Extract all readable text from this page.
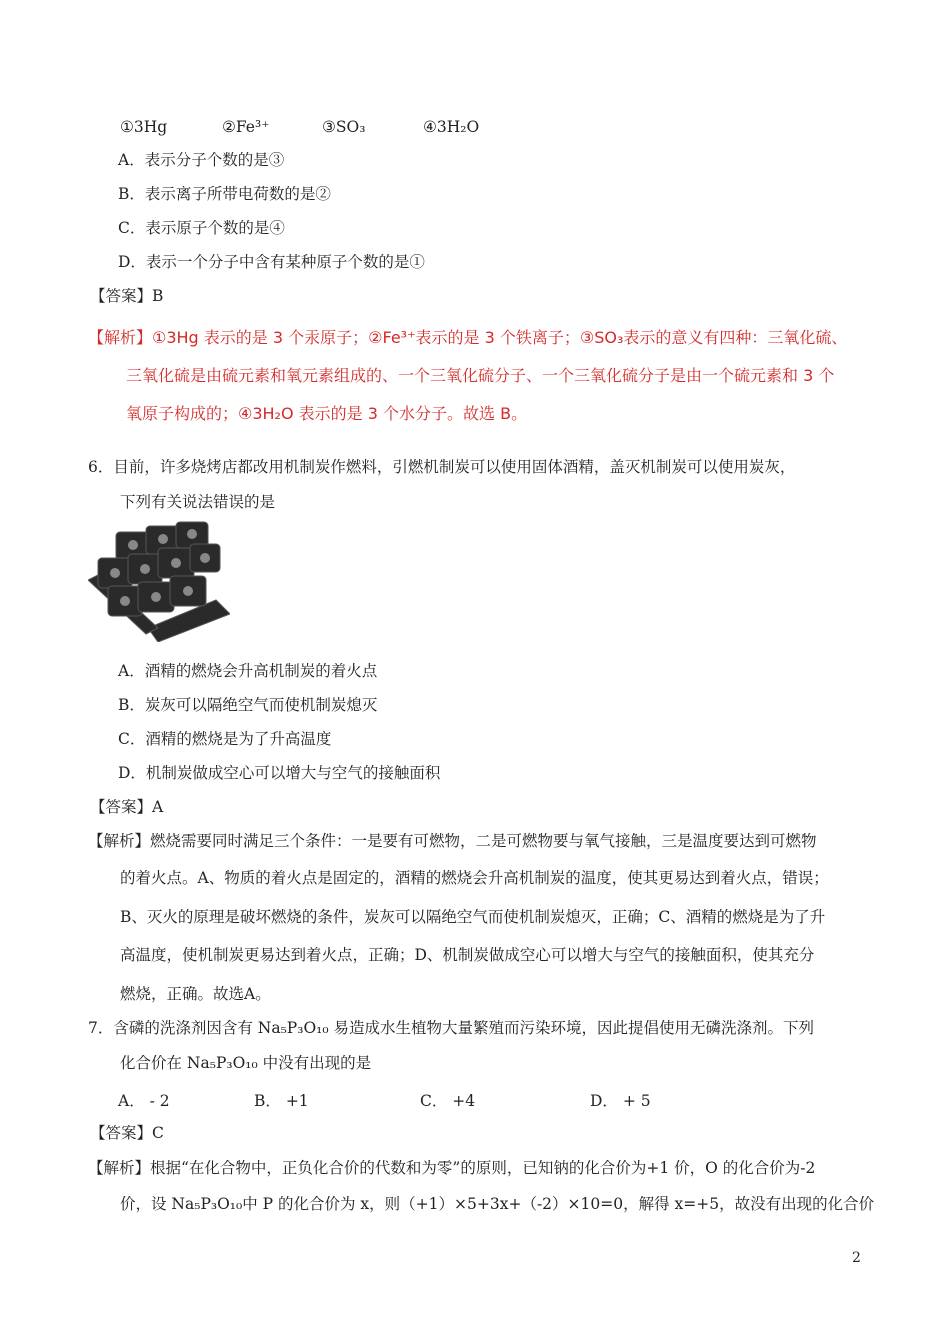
①3Hg	②Fe³⁺	③SO₃	④3H₂O
A．表示分子个数的是③
B．表示离子所带电荷数的是②
C．表示原子个数的是④
D．表示一个分子中含有某种原子个数的是①
【答案】B
【解析】①3Hg 表示的是 3 个汞原子；②Fe³⁺表示的是 3 个铁离子；③SO₃表示的意义有四种：三氧化硫、
三氧化硫是由硫元素和氧元素组成的、一个三氧化硫分子、一个三氧化硫分子是由一个硫元素和 3 个
氧原子构成的；④3H₂O 表示的是 3 个水分子。故选 B。
6．目前，许多烧烤店都改用机制炭作燃料，引燃机制炭可以使用固体酒精，盖灭机制炭可以使用炭灰，
下列有关说法错误的是
A．酒精的燃烧会升高机制炭的着火点
B．炭灰可以隔绝空气而使机制炭熄灭
C．酒精的燃烧是为了升高温度
D．机制炭做成空心可以增大与空气的接触面积
【答案】A
【解析】燃烧需要同时满足三个条件：一是要有可燃物，二是可燃物要与氧气接触，三是温度要达到可燃物
的着火点。A、物质的着火点是固定的，酒精的燃烧会升高机制炭的温度，使其更易达到着火点，错误；
B、灭火的原理是破坏燃烧的条件，炭灰可以隔绝空气而使机制炭熄灭，正确；C、酒精的燃烧是为了升
高温度，使机制炭更易达到着火点，正确；D、机制炭做成空心可以增大与空气的接触面积，使其充分
燃烧，正确。故选A。
7．含磷的洗涤剂因含有 Na₅P₃O₁₀ 易造成水生植物大量繁殖而污染环境，因此提倡使用无磷洗涤剂。下列
化合价在 Na₅P₃O₁₀ 中没有出现的是
A． - 2	B． +1	C． +4	D． + 5
【答案】C
【解析】根据“在化合物中，正负化合价的代数和为零”的原则，已知钠的化合价为+1 价，O 的化合价为-2
价，设 Na₅P₃O₁₀中 P 的化合价为 x，则（+1）×5+3x+（-2）×10=0，解得 x=+5，故没有出现的化合价
2
